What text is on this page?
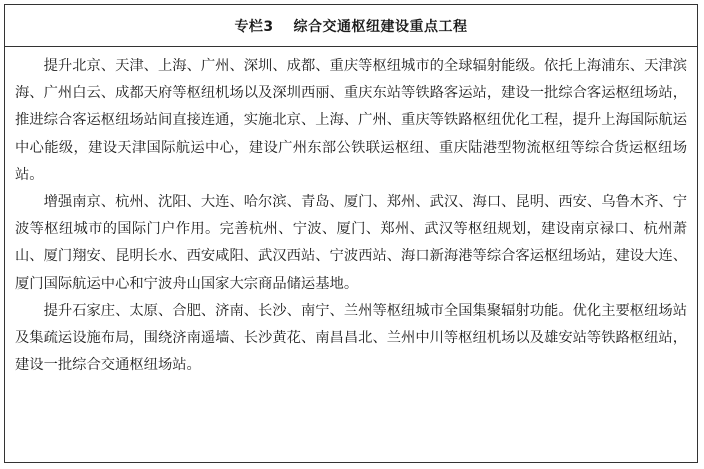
专栏3　 综合交通枢纽建设重点工程

提升北京、天津、上海、广州、深圳、成都、重庆等枢纽城市的全球辐射能级。依托上海浦东、天津滨海、广州白云、成都天府等枢纽机场以及深圳西丽、重庆东站等铁路客运站，建设一批综合客运枢纽场站，推进综合客运枢纽场站间直接连通，实施北京、上海、广州、重庆等铁路枢纽优化工程，提升上海国际航运中心能级，建设天津国际航运中心，建设广州东部公铁联运枢纽、重庆陆港型物流枢纽等综合货运枢纽场站。

增强南京、杭州、沈阳、大连、哈尔滨、青岛、厦门、郑州、武汉、海口、昆明、西安、乌鲁木齐、宁波等枢纽城市的国际门户作用。完善杭州、宁波、厦门、郑州、武汉等枢纽规划，建设南京禄口、杭州萧山、厦门翔安、昆明长水、西安咸阳、武汉西站、宁波西站、海口新海港等综合客运枢纽场站，建设大连、厦门国际航运中心和宁波舟山国家大宗商品储运基地。

提升石家庄、太原、合肥、济南、长沙、南宁、兰州等枢纽城市全国集聚辐射功能。优化主要枢纽场站及集疏运设施布局，围绕济南遥墙、长沙黄花、南昌昌北、兰州中川等枢纽机场以及雄安站等铁路枢纽站，建设一批综合交通枢纽场站。
